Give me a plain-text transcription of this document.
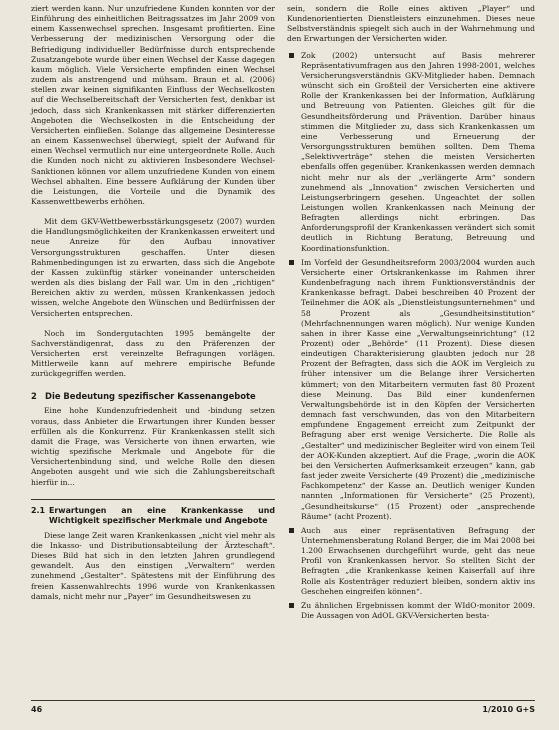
ziert werden kann. Nur unzufriedene Kunden konnten vor der Einführung des einheitlichen Beitragssatzes im Jahr 2009 von einem Kassenwechsel sprechen. Insgesamt profitierten. Eine Verbesserung der medizinischen Versorgung oder die Befriedigung individueller Bedürfnisse durch entsprechende Zusatzangebote wurde über einen Wechsel der Kasse dagegen kaum möglich. Viele Versicherte empfinden einen Wechsel zudem als anstrengend und mühsam. Braun et al. (2006) stellen zwar keinen signifikanten Einfluss der Wechselkosten auf die Wechselbereitschaft der Versicherten fest, denkbar ist jedoch, dass sich Krankenkassen mit stärker differenzierten Angeboten die Wechselkosten in die Entscheidung der Versicherten einfließen. Solange das allgemeine Desinteresse an einem Kassenwechsel überwiegt, spielt der Aufwand für einen Wechsel vermutlich nur eine untergeordnete Rolle. Auch die Kunden noch nicht zu aktivieren Insbesondere Wechsel-Sanktionen können vor allem unzufriedene Kunden von einem Wechsel abhalten. Eine bessere Aufklärung der Kunden über die Leistungen, die Vorteile und die Dynamik des Kassenwettbewerbs erhöhen.

Mit dem GKV-Wettbewerbsstärkungsgesetz (2007) wurden die Handlungsmöglichkeiten der Krankenkassen erweitert und neue Anreize für den Aufbau innovativer Versorgungsstrukturen geschaffen. Unter diesen Rahmenbedingungen ist zu erwarten, dass sich die Angebote der Kassen zukünftig stärker voneinander unterscheiden werden als dies bislang der Fall war. Um in den „richtigen“ Bereichen aktiv zu werden, müssen Krankenkassen jedoch wissen, welche Angebote den Wünschen und Bedürfnissen der Versicherten entsprechen.

Noch im Sondergutachten 1995 bemängelte der Sachverständigenrat, dass zu den Präferenzen der Versicherten erst vereinzelte Befragungen vorlägen. Mittlerweile kann auf mehrere empirische Befunde zurückgegriffen werden.

2 Die Bedeutung spezifischer Kassenangebote

Eine hohe Kundenzufriedenheit und -bindung setzen voraus, dass Anbieter die Erwartungen ihrer Kunden besser erfüllen als die Konkurrenz. Für Krankenkassen stellt sich damit die Frage, was Versicherte von ihnen erwarten, wie wichtig spezifische Merkmale und Angebote für die Versichertenbindung sind, und welche Rolle den diesen Angeboten ausgeht und wie sich die Zahlungsbereitschaft hierfür in...

2.1 Erwartungen an eine Krankenkasse und Wichtigkeit spezifischer Merkmale und Angebote

Diese lange Zeit waren Krankenkassen „nicht viel mehr als die Inkasso- und Distributionsabteilung der Ärzteschaft“. Dieses Bild hat sich in den letzten Jahren grundlegend gewandelt. Aus den einstigen „Verwaltern“ werden zunehmend „Gestalter“. Spätestens mit der Einführung des freien Kassenwahlrechts 1996 wurde von Krankenkassen damals, nicht mehr nur „Payer“ im Gesundheitswesen zu

sein, sondern die Rolle eines aktiven „Player“ und Kundenorientierten Dienstleisters einzunehmen. Dieses neue Selbstverständnis spiegelt sich auch in der Wahrnehmung und den Erwartungen der Versicherten wider.

Zok (2002) untersucht auf Basis mehrerer Repräsentativumfragen aus den Jahren 1998-2001, welches Versicherungsverständnis GKV-Mitglieder haben. Demnach wünscht sich ein Großteil der Versicherten eine aktivere Rolle der Krankenkassen bei der Information, Aufklärung und Betreuung von Patienten. Gleiches gilt für die Gesundheitsförderung und Prävention. Darüber hinaus stimmen die Mitglieder zu, dass sich Krankenkassen um eine Verbesserung und Erneuerung der Versorgungsstrukturen bemühen sollten. Dem Thema „Selektivverträge“ stehen die meisten Versicherten ebenfalls offen gegenüber. Krankenkassen werden demnach nicht mehr nur als der „verlängerte Arm“ sondern zunehmend als „Innovation“ zwischen Versicherten und Leistungserbringern gesehen. Ungeachtet der sollen Leistungen wollen Krankenkassen nach Meinung der Befragten allerdings nicht erbringen. Das Anforderungsprofil der Krankenkassen verändert sich somit deutlich in Richtung Beratung, Betreuung und Koordinationsfunktion.

Im Vorfeld der Gesundheitsreform 2003/2004 wurden auch Versicherte einer Ortskrankenkasse im Rahmen ihrer Kundenbefragung nach ihrem Funktionsverständnis der Krankenkasse befragt. Dabei beschreiben 40 Prozent der Teilnehmer die AOK als „Dienstleistungsunternehmen“ und 58 Prozent als „Gesundheitsinstitution“ (Mehrfachnennungen waren möglich). Nur wenige Kunden sahen in ihrer Kasse eine „Verwaltungseinrichtung“ (12 Prozent) oder „Behörde“ (11 Prozent). Diese diesen eindeutigen Charakterisierung glaubten jedoch nur 28 Prozent der Befragten, dass sich die AOK im Vergleich zu früher intensiver um die Belange ihrer Versicherten kümmert; von den Mitarbeitern vermuten fast 80 Prozent diese Meinung. Das Bild einer kundenfernen Verwaltungsbehörde ist in den Köpfen der Versicherten demnach fast verschwunden, das von den Mitarbeitern empfundene Engagement erreicht zum Zeitpunkt der Befragung aber erst wenige Versicherte. Die Rolle als „Gestalter“ und medizinischer Begleiter wird von einem Teil der AOK-Kunden akzeptiert. Auf die Frage, „worin die AOK bei den Versicherten Aufmerksamkeit erzeugen“ kann, gab fast jeder zweite Versicherte (49 Prozent) die „medizinische Fachkompetenz“ der Kasse an. Deutlich weniger Kunden nannten „Informationen für Versicherte“ (25 Prozent), „Gesundheitskurse“ (15 Prozent) oder „ansprechende Räume“ (acht Prozent).

Auch aus einer repräsentativen Befragung der Unternehmensberatung Roland Berger, die im Mai 2008 bei 1.200 Erwachsenen durchgeführt wurde, geht das neue Profil von Krankenkassen hervor. So stellten Sicht der Befragten „die Krankenkasse keinen Kaiserfall auf ihre Rolle als Kostenträger reduziert bleiben, sondern aktiv ins Geschehen eingreifen können“.

Zu ähnlichen Ergebnissen kommt der WIdO-monitor 2009. Die Aussagen von AdOL GKV-Versicherten besta-

46	1/2010 G+S
